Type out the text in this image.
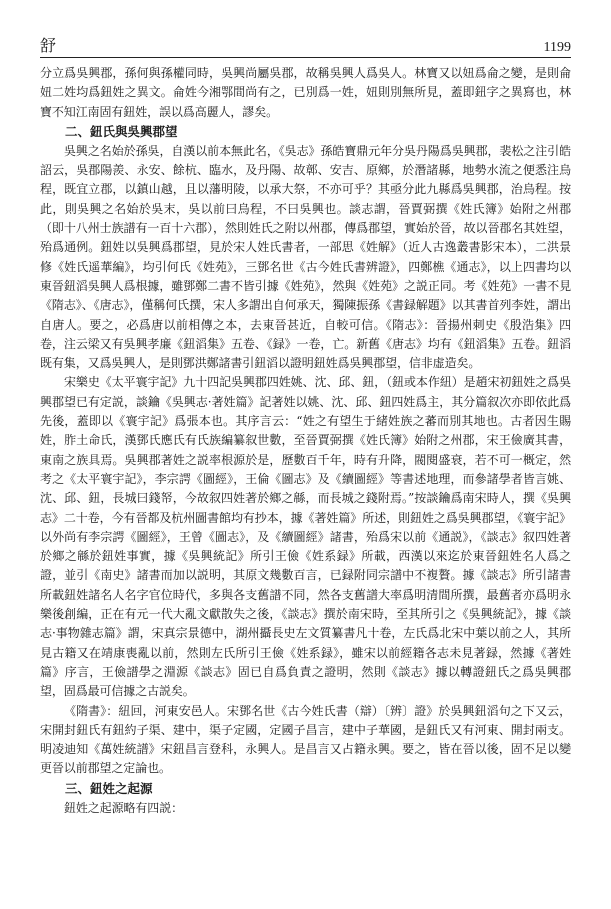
舒	1199

分立爲吳興郡，孫何與孫權同時，吳興尚屬吳郡，故稱吳興人爲吳人。林寶又以妞爲侖之變，是則侖妞二姓均爲鈕姓之異文。侖姓今湘鄂間尚有之，已別爲一姓，妞則別無所見，蓋即鈕字之異寫也，林寶不知江南固有鈕姓，誤以爲高麗人，謬矣。

二、鈕氏與吳興郡望

吳興之名始於孫吳，自漢以前本無此名，《吳志》孫皓寶鼎元年分吳丹陽爲吳興郡，裴松之注引皓詔云，吳郡陽羨、永安、餘杭、臨水，及丹陽、故鄣、安吉、原鄉，於潛諸縣，地勢水流之便悉注烏程，既宜立郡，以鎮山越，且以藩明陵，以承大祭，不亦可乎？其亟分此九縣爲吳興郡，治烏程。按此，則吳興之名始於吳末，吳以前曰烏程，不曰吳興也。談志謂，晉賈弼撰《姓氏簿》始附之州郡（即十八州士族譜有一百十六郡），然則姓氏之附以州郡，傳爲郡望，實始於晉，故以晉郡名其姓望，殆爲通例。鈕姓以吳興爲郡望，見於宋人姓氏書者，一部思《姓解》（近人古逸叢書影宋本），二洪景修《姓氏遥華編》，均引何氏《姓苑》，三鄧名世《古今姓氏書辨證》，四鄭樵《通志》，以上四書均以東晉鈕滔吳興人爲根據，雖鄧鄭二書不皆引據《姓苑》，然與《姓苑》之説正同。考《姓苑》一書不見《隋志》、《唐志》，僅稱何氏撰，宋人多謂出自何承天，獨陳振孫《書録解題》以其書首列李姓，謂出自唐人。要之，必爲唐以前相傳之本，去東晉甚近，自較可信。《隋志》：晉揚州刺史《殷浩集》四卷，注云梁又有吳興孝廉《鈕滔集》五卷、《録》一卷，亡。新舊《唐志》均有《鈕滔集》五卷。鈕滔既有集，又爲吳興人，是則鄧洪鄭諸書引鈕滔以證明鈕姓爲吳興郡望，信非虚造矣。

宋樂史《太平寰宇記》九十四記吳興郡四姓姚、沈、邱、鈕，（鈕或本作紐）是趙宋初鈕姓之爲吳興郡望已有定説，談鑰《吳興志·著姓篇》記著姓以姚、沈、邱、鈕四姓爲主，其分篇叙次亦即依此爲先後，蓋即以《寰宇記》爲張本也。其序言云：“姓之有望生于緒姓族之蕃而別其地也。古者因生賜姓，胙土命氏，漢鄧氏應氏有氏族編纂叙世數，至晉賈弼撰《姓氏簿》始附之州郡，宋王儉廣其書，東南之族具焉。吳興郡著姓之説率根源於是，歷數百千年，時有升降，閥閱盛衰，若不可一概定，然考之《太平寰宇記》，李宗諤《圖經》，王倫《圖志》及《續圖經》等書述地理，而參諸學者皆言姚、沈、邱、鈕，長城曰錢帑，今故叙四姓著於鄉之緜，而長城之錢附焉。”按談鑰爲南宋時人，撰《吳興志》二十卷，今有晉都及杭州圖書館均有抄本，據《著姓篇》所述，則鈕姓之爲吳興郡望，《寰宇記》以外尚有李宗諤《圖經》，王曾《圖志》，及《續圖經》諸書，殆爲宋以前《通説》，《談志》叙四姓著於鄉之緜於鈕姓事實，據《吳興統記》所引王儉《姓系録》所載，西漢以來迄於東晉鈕姓名人爲之證，並引《南史》諸書而加以説明，其原文幾數百言，已録附同宗譜中不複贅。據《談志》所引諸書所載鈕姓諸名人名字官位時代，多與各支舊譜不同，然各支舊譜大率爲明清間所撰，最舊者亦爲明永樂後創編，正在有元一代大亂文獻散失之後，《談志》撰於南宋時，至其所引之《吳興統記》，據《談志·事物雜志篇》謂，宋真宗景德中，湖州攝長史左文質纂書凡十卷，左氏爲北宋中葉以前之人，其所見古籍又在靖康喪亂以前，然則左氏所引王儉《姓系録》，雖宋以前經籍各志未見著録，然據《著姓篇》序言，王儉譜學之淵源《談志》固已自爲負責之證明，然則《談志》據以轉證鈕氏之爲吳興郡望，固爲最可信據之古説矣。

《隋書》：紐回，河東安邑人。宋鄧名世《古今姓氏書（辯）〔辨〕證》於吳興鈕滔句之下又云，宋開封鈕氏有鈕約子渠、建中，渠子定國，定國子昌言，建中子華國，是鈕氏又有河東、開封兩支。明凌迪知《萬姓統譜》宋鈕昌言登科，永興人。是昌言又占籍永興。要之，皆在晉以後，固不足以變更晉以前郡望之定論也。

三、鈕姓之起源

鈕姓之起源略有四説：
